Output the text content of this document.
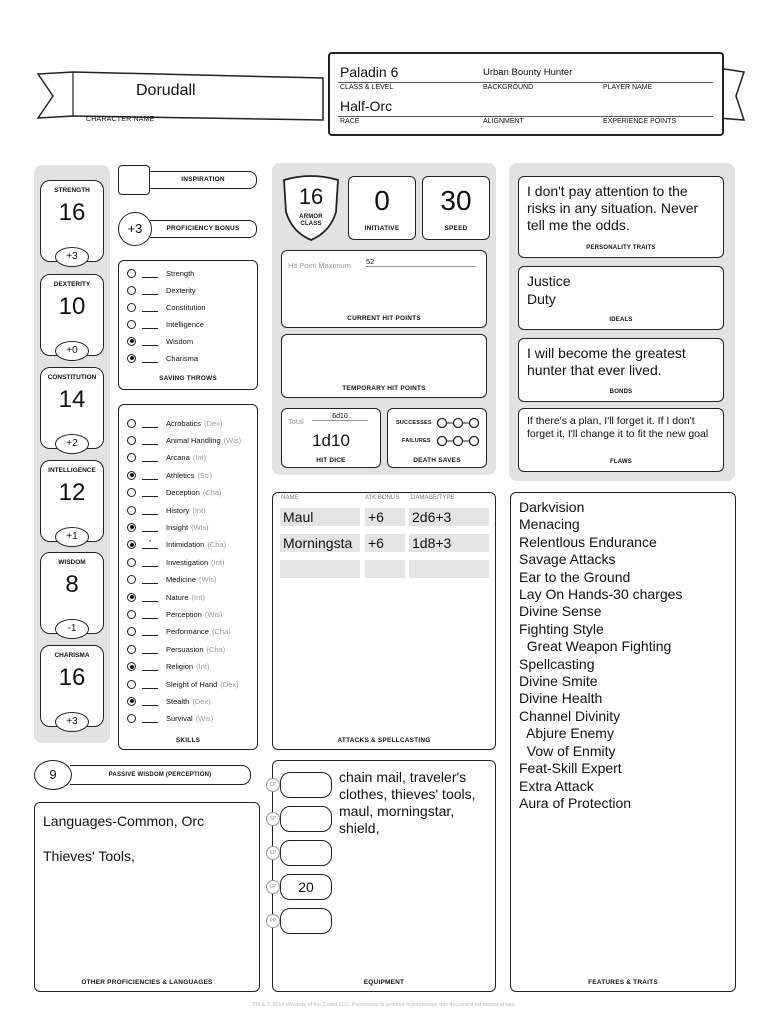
Dorudall
CHARACTER NAME
Paladin 6	Urban Bounty Hunter
CLASS & LEVEL	BACKGROUND	PLAYER NAME
Half-Orc
RACE	ALIGNMENT	EXPERIENCE POINTS
STRENGTH
16
+3
DEXTERITY
10
+0
CONSTITUTION
14
+2
INTELLIGENCE
12
+1
WISDOM
8
-1
CHARISMA
16
+3
INSPIRATION
+3	PROFICIENCY BONUS
Strength
Dexterity
Constitution
Intelligence
Wisdom
Charisma
SAVING THROWS
Acrobatics (Dex)
Animal Handling (Wis)
Arcana (Int)
Athletics (Str)
Deception (Cha)
History (Int)
Insight (Wis)
*	Intimidation (Cha)
Investigation (Int)
Medicine (Wis)
Nature (Int)
Perception (Wis)
Performance (Cha)
Persuasion (Cha)
Religion (Int)
Sleight of Hand (Dex)
Stealth (Dex)
Survival (Wis)
SKILLS
16
ARMOR CLASS
0
INITIATIVE
30
SPEED
Hit Point Maximum 52
CURRENT HIT POINTS
TEMPORARY HIT POINTS
Total
6d10
1d10
HIT DICE
SUCCESSES
FAILURES
DEATH SAVES
I don't pay attention to the risks in any situation. Never tell me the odds.
PERSONALITY TRAITS
Justice
Duty
IDEALS
I will become the greatest hunter that ever lived.
BONDS
If there's a plan, I'll forget it. If I don't forget it, I'll change it to fit the new goal
FLAWS
NAME	ATK BONUS DAMAGE/TYPE
Maul	+6	2d6+3
Morningsta	+6	1d8+3
ATTACKS & SPELLCASTING
Darkvision
Menacing
Relentlous Endurance
Savage Attacks
Ear to the Ground
Lay On Hands-30 charges
Divine Sense
Fighting Style
Great Weapon Fighting
Spellcasting
Divine Smite
Divine Health
Channel Divinity
Abjure Enemy
Vow of Enmity
Feat-Skill Expert
Extra Attack
Aura of Protection
FEATURES & TRAITS
9	PASSIVE WISDOM (PERCEPTION)
Languages-Common, Orc
Thieves' Tools,
OTHER PROFICIENCIES & LANGUAGES
chain mail, traveler's clothes, thieves' tools, maul, morningstar, shield,
EQUIPMENT
CP
SP
EP
20
GP
PP
TM & © 2014 Wizards of the Coast LLC. Permission is granted to photocopy this document for personal use.
